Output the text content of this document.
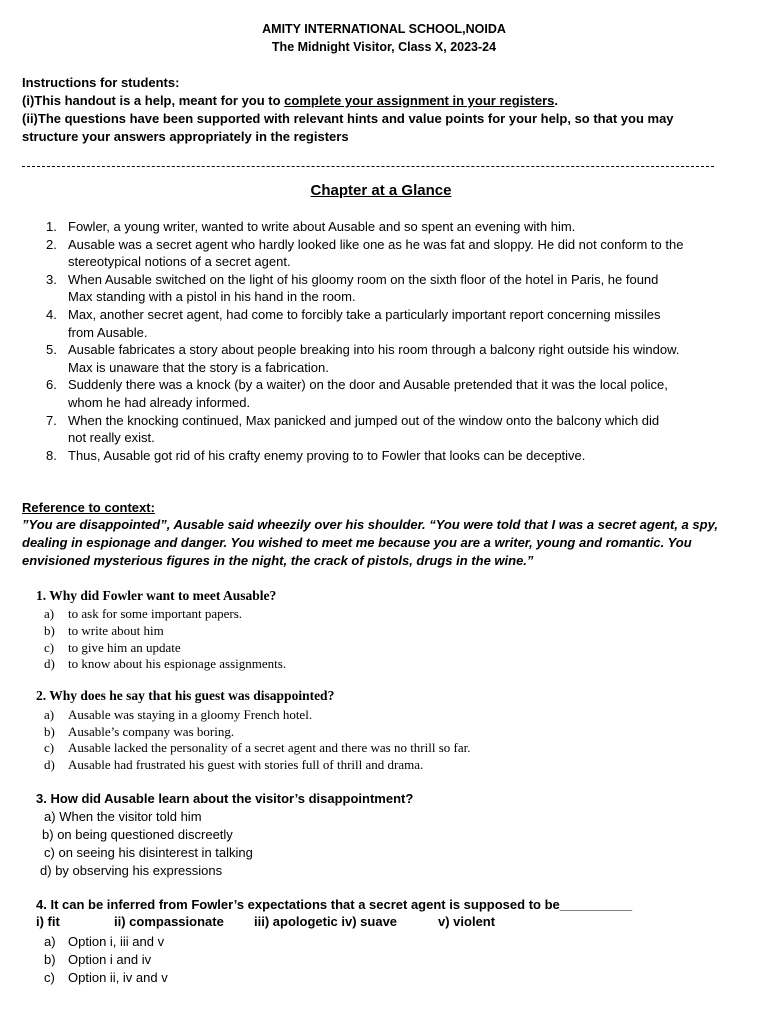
AMITY INTERNATIONAL SCHOOL,NOIDA
The Midnight Visitor, Class X, 2023-24
Instructions for students:
(i)This handout is a help, meant for you to complete your assignment in your registers.
(ii)The questions have been supported with relevant hints and value points for your help, so that you may
structure your answers appropriately in the registers
Chapter at a Glance
1. Fowler, a young writer, wanted to write about Ausable and so spent an evening with him.
2. Ausable was a secret agent who hardly looked like one as he was fat and sloppy. He did not conform to the
stereotypical notions of a secret agent.
3. When Ausable switched on the light of his gloomy room on the sixth floor of the hotel in Paris, he found
Max standing with a pistol in his hand in the room.
4. Max, another secret agent, had come to forcibly take a particularly important report concerning missiles
from Ausable.
5. Ausable fabricates a story about people breaking into his room through a balcony right outside his window.
Max is unaware that the story is a fabrication.
6. Suddenly there was a knock (by a waiter) on the door and Ausable pretended that it was the local police,
whom he had already informed.
7. When the knocking continued, Max panicked and jumped out of the window onto the balcony which did
not really exist.
8. Thus, Ausable got rid of his crafty enemy proving to to Fowler that looks can be deceptive.
Reference to context:
”You are disappointed”, Ausable said wheezily over his shoulder. “You were told that I was a secret agent, a spy,
dealing in espionage and danger. You wished to meet me because you are a writer, young and romantic. You
envisioned mysterious figures in the night, the crack of pistols, drugs in the wine.”
1. Why did Fowler want to meet Ausable?
a) to ask for some important papers.
b) to write about him
c) to give him an update
d) to know about his espionage assignments.
2. Why does he say that his guest was disappointed?
a) Ausable was staying in a gloomy French hotel.
b) Ausable’s company was boring.
c) Ausable lacked the personality of a secret agent and there was no thrill so far.
d) Ausable had frustrated his guest with stories full of thrill and drama.
3. How did Ausable learn about the visitor’s disappointment?
a) When the visitor told him
b) on being questioned discreetly
c) on seeing his disinterest in talking
d) by observing his expressions
4. It can be inferred from Fowler’s expectations that a secret agent is supposed to be__________
i) fit	ii) compassionate iii) apologetic iv) suave	v) violent
a) Option i, iii and v
b) Option i and iv
c) Option ii, iv and v
